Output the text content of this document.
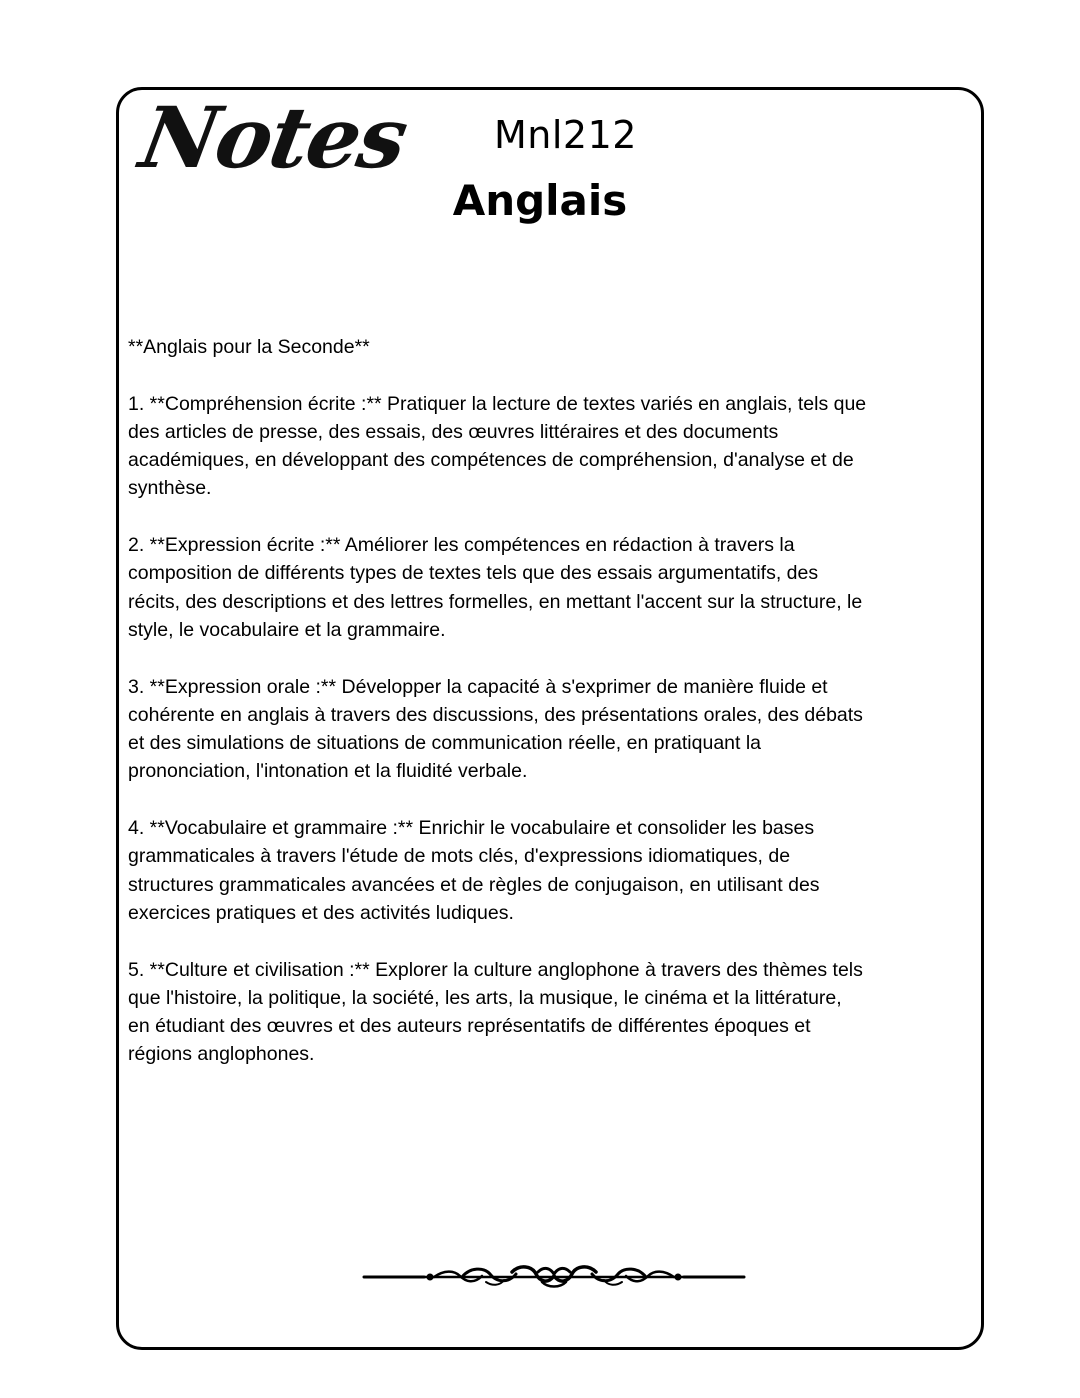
Notes Mnl212
Anglais

**Anglais pour la Seconde**

1. **Compréhension écrite :** Pratiquer la lecture de textes variés en anglais, tels que des articles de presse, des essais, des œuvres littéraires et des documents académiques, en développant des compétences de compréhension, d'analyse et de synthèse.

2. **Expression écrite :** Améliorer les compétences en rédaction à travers la composition de différents types de textes tels que des essais argumentatifs, des récits, des descriptions et des lettres formelles, en mettant l'accent sur la structure, le style, le vocabulaire et la grammaire.

3. **Expression orale :** Développer la capacité à s'exprimer de manière fluide et cohérente en anglais à travers des discussions, des présentations orales, des débats et des simulations de situations de communication réelle, en pratiquant la prononciation, l'intonation et la fluidité verbale.

4. **Vocabulaire et grammaire :** Enrichir le vocabulaire et consolider les bases grammaticales à travers l'étude de mots clés, d'expressions idiomatiques, de structures grammaticales avancées et de règles de conjugaison, en utilisant des exercices pratiques et des activités ludiques.

5. **Culture et civilisation :** Explorer la culture anglophone à travers des thèmes tels que l'histoire, la politique, la société, les arts, la musique, le cinéma et la littérature, en étudiant des œuvres et des auteurs représentatifs de différentes époques et régions anglophones.
